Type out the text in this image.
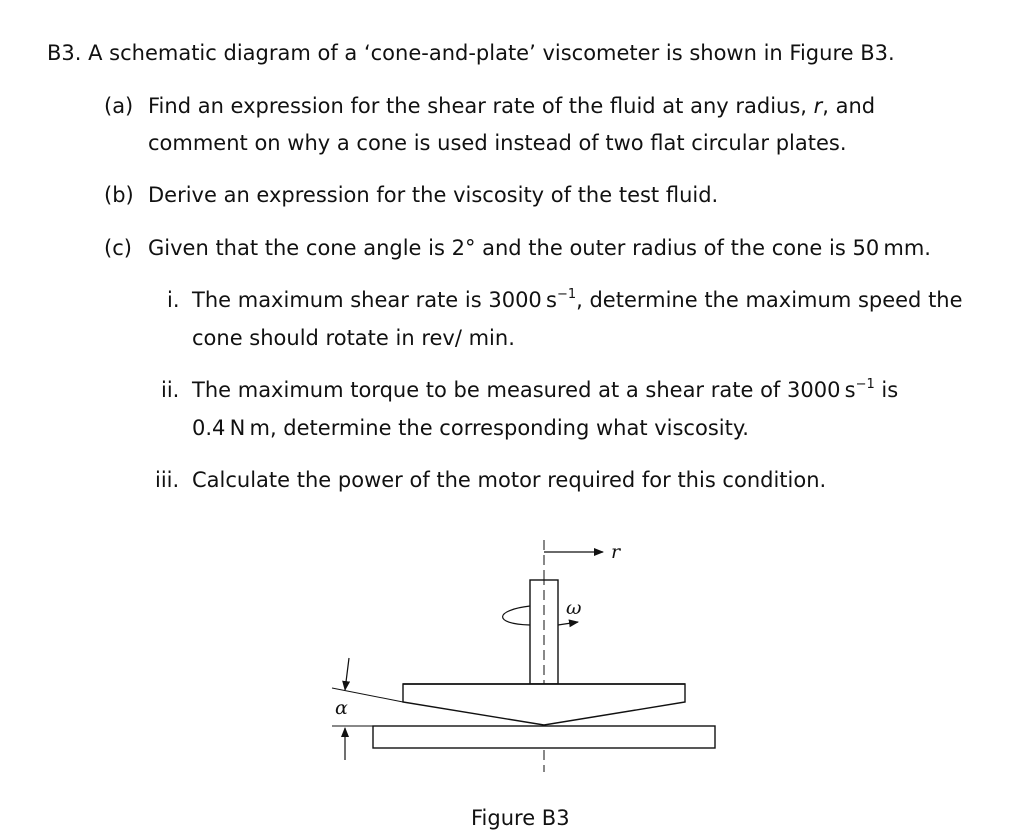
B3. A schematic diagram of a ‘cone-and-plate’ viscometer is shown in Figure B3.
(a) Find an expression for the shear rate of the fluid at any radius, r, and
comment on why a cone is used instead of two flat circular plates.
(b) Derive an expression for the viscosity of the test fluid.
(c) Given that the cone angle is 2° and the outer radius of the cone is 50 mm.
i. The maximum shear rate is 3000 $s^{-1}$, determine the maximum speed the
cone should rotate in rev/ min.
ii. The maximum torque to be measured at a shear rate of 3000 $s^{-1}$ is
0.4 N m, determine the corresponding what viscosity.
iii. Calculate the power of the motor required for this condition.
r
ω
α
Figure B3
